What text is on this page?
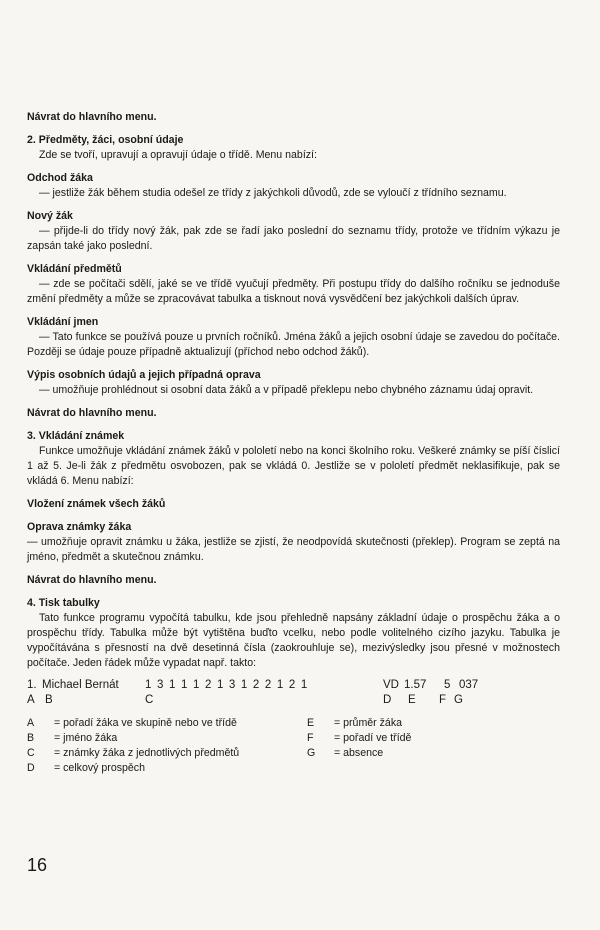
Návrat do hlavního menu.

2. Předměty, žáci, osobní údaje

Zde se tvoří, upravují a opravují údaje o třídě. Menu nabízí:

Odchod žáka

— jestliže žák během studia odešel ze třídy z jakýchkoli důvodů, zde se vyloučí z třídního seznamu.

Nový žák

— přijde-li do třídy nový žák, pak zde se řadí jako poslední do seznamu třídy, protože ve třídním výkazu je zapsán také jako poslední.

Vkládání předmětů

— zde se počítači sdělí, jaké se ve třídě vyučují předměty. Při postupu třídy do dalšího ročníku se jednoduše změní předměty a může se zpracovávat tabulka a tisknout nová vysvědčení bez jakýchkoli dalších úprav.

Vkládání jmen

— Tato funkce se používá pouze u prvních ročníků. Jména žáků a jejich osobní údaje se zavedou do počítače. Později se údaje pouze případně aktualizují (příchod nebo odchod žáků).

Výpis osobních údajů a jejich případná oprava

— umožňuje prohlédnout si osobní data žáků a v případě překlepu nebo chybného záznamu údaj opravit.

Návrat do hlavního menu.

3. Vkládání známek

Funkce umožňuje vkládání známek žáků v pololetí nebo na konci školního roku. Veškeré známky se píší číslicí 1 až 5. Je-li žák z předmětu osvobozen, pak se vkládá 0. Jestliže se v pololetí předmět neklasifikuje, pak se vkládá 6. Menu nabízí:

Vložení známek všech žáků

Oprava známky žáka

— umožňuje opravit známku u žáka, jestliže se zjistí, že neodpovídá skutečnosti (překlep). Program se zeptá na jméno, předmět a skutečnou známku.

Návrat do hlavního menu.

4. Tisk tabulky

Tato funkce programu vypočítá tabulku, kde jsou přehledně napsány základní údaje o prospěchu žáka a o prospěchu třídy. Tabulka může být vytištěna buďto vcelku, nebo podle volitelného cizího jazyku. Tabulka je vypočítávána s přesností na dvě desetinná čísla (zaokrouhluje se), mezivýsledky jsou přesné v možnostech počítače. Jeden řádek může vypadat např. takto:

1. Michael Bernát 1 3 1 1 1 2 1 3 1 2 2 1 2 1	VD 1.57 5 037
A B	C	D E F G
A	= pořadí žáka ve skupině nebo ve třídě
B	= jméno žáka
C	= známky žáka z jednotlivých předmětů
D	= celkový prospěch
E	= průměr žáka
F	= pořadí ve třídě
G	= absence
16
